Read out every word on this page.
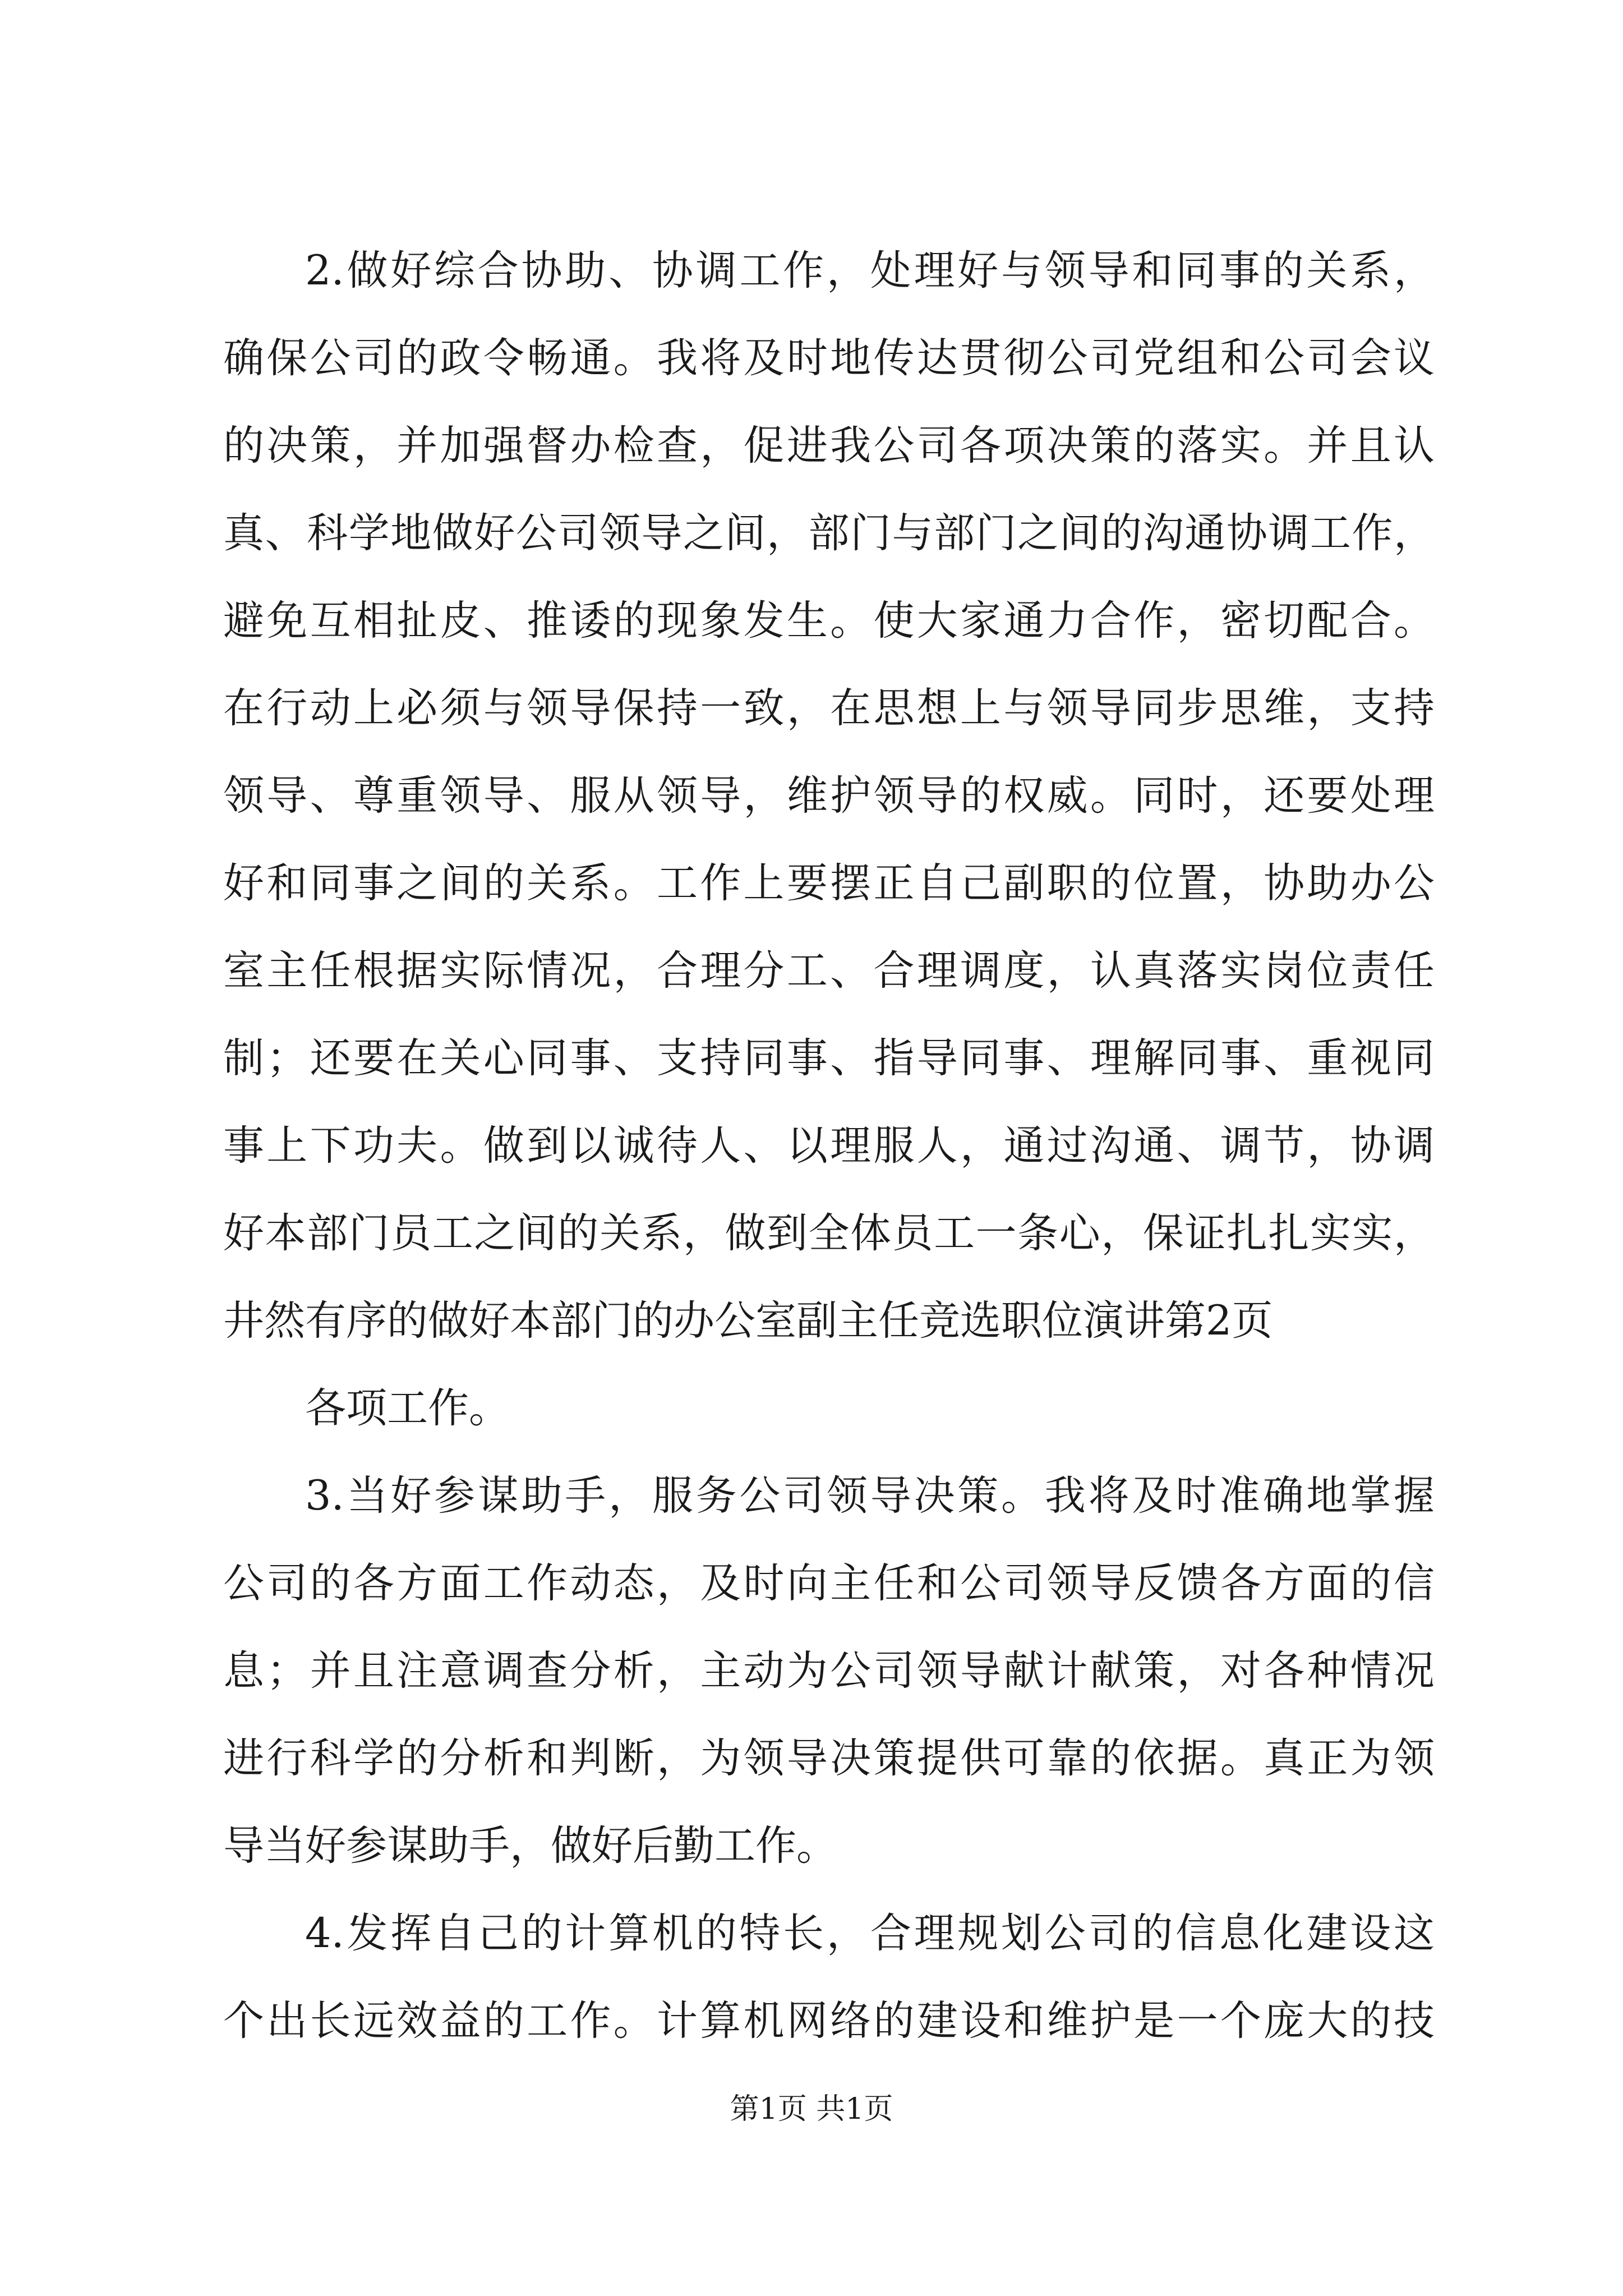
2.做好综合协助、协调工作，处理好与领导和同事的关系，
确保公司的政令畅通。我将及时地传达贯彻公司党组和公司会议
的决策，并加强督办检查，促进我公司各项决策的落实。并且认
真、科学地做好公司领导之间，部门与部门之间的沟通协调工作，
避免互相扯皮、推诿的现象发生。使大家通力合作，密切配合。
在行动上必须与领导保持一致，在思想上与领导同步思维，支持
领导、尊重领导、服从领导，维护领导的权威。同时，还要处理
好和同事之间的关系。工作上要摆正自己副职的位置，协助办公
室主任根据实际情况，合理分工、合理调度，认真落实岗位责任
制；还要在关心同事、支持同事、指导同事、理解同事、重视同
事上下功夫。做到以诚待人、以理服人，通过沟通、调节，协调
好本部门员工之间的关系，做到全体员工一条心，保证扎扎实实，
井然有序的做好本部门的办公室副主任竞选职位演讲第2页
各项工作。
3.当好参谋助手，服务公司领导决策。我将及时准确地掌握
公司的各方面工作动态，及时向主任和公司领导反馈各方面的信
息；并且注意调查分析，主动为公司领导献计献策，对各种情况
进行科学的分析和判断，为领导决策提供可靠的依据。真正为领
导当好参谋助手，做好后勤工作。
4.发挥自己的计算机的特长，合理规划公司的信息化建设这
个出长远效益的工作。计算机网络的建设和维护是一个庞大的技
第1页 共1页
